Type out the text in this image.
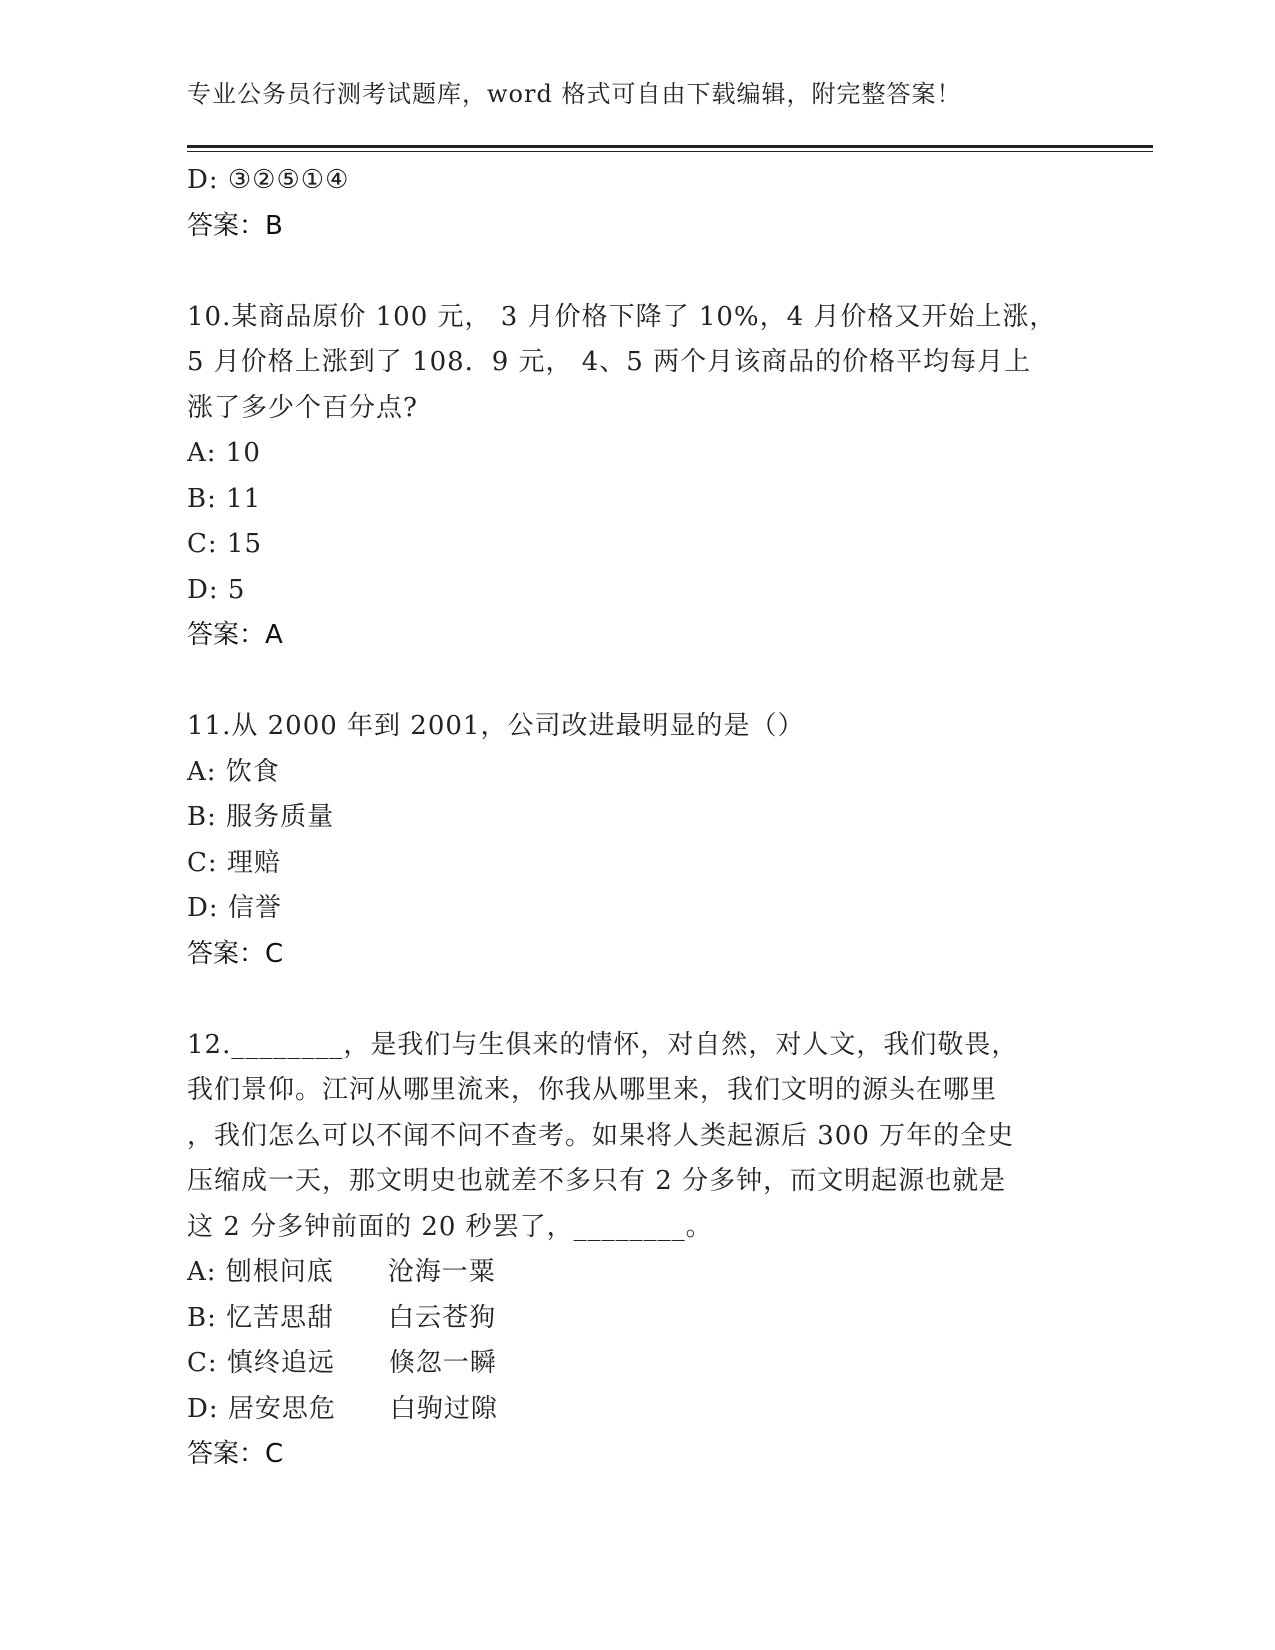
专业公务员行测考试题库，word 格式可自由下载编辑，附完整答案！
D: ③②⑤①④
答案：B
10.某商品原价 100 元， 3 月价格下降了 10%，4 月价格又开始上涨，
5 月价格上涨到了 108．9 元， 4、5 两个月该商品的价格平均每月上
涨了多少个百分点?
A: 10
B: 11
C: 15
D: 5
答案：A
11.从 2000 年到 2001，公司改进最明显的是（）
A: 饮食
B: 服务质量
C: 理赔
D: 信誉
答案：C
12.________，是我们与生俱来的情怀，对自然，对人文，我们敬畏，
我们景仰。江河从哪里流来，你我从哪里来，我们文明的源头在哪里
，我们怎么可以不闻不问不查考。如果将人类起源后 300 万年的全史
压缩成一天，那文明史也就差不多只有 2 分多钟，而文明起源也就是
这 2 分多钟前面的 20 秒罢了，________。
A: 刨根问底　　沧海一粟
B: 忆苦思甜　　白云苍狗
C: 慎终追远　　倏忽一瞬
D: 居安思危　　白驹过隙
答案：C
